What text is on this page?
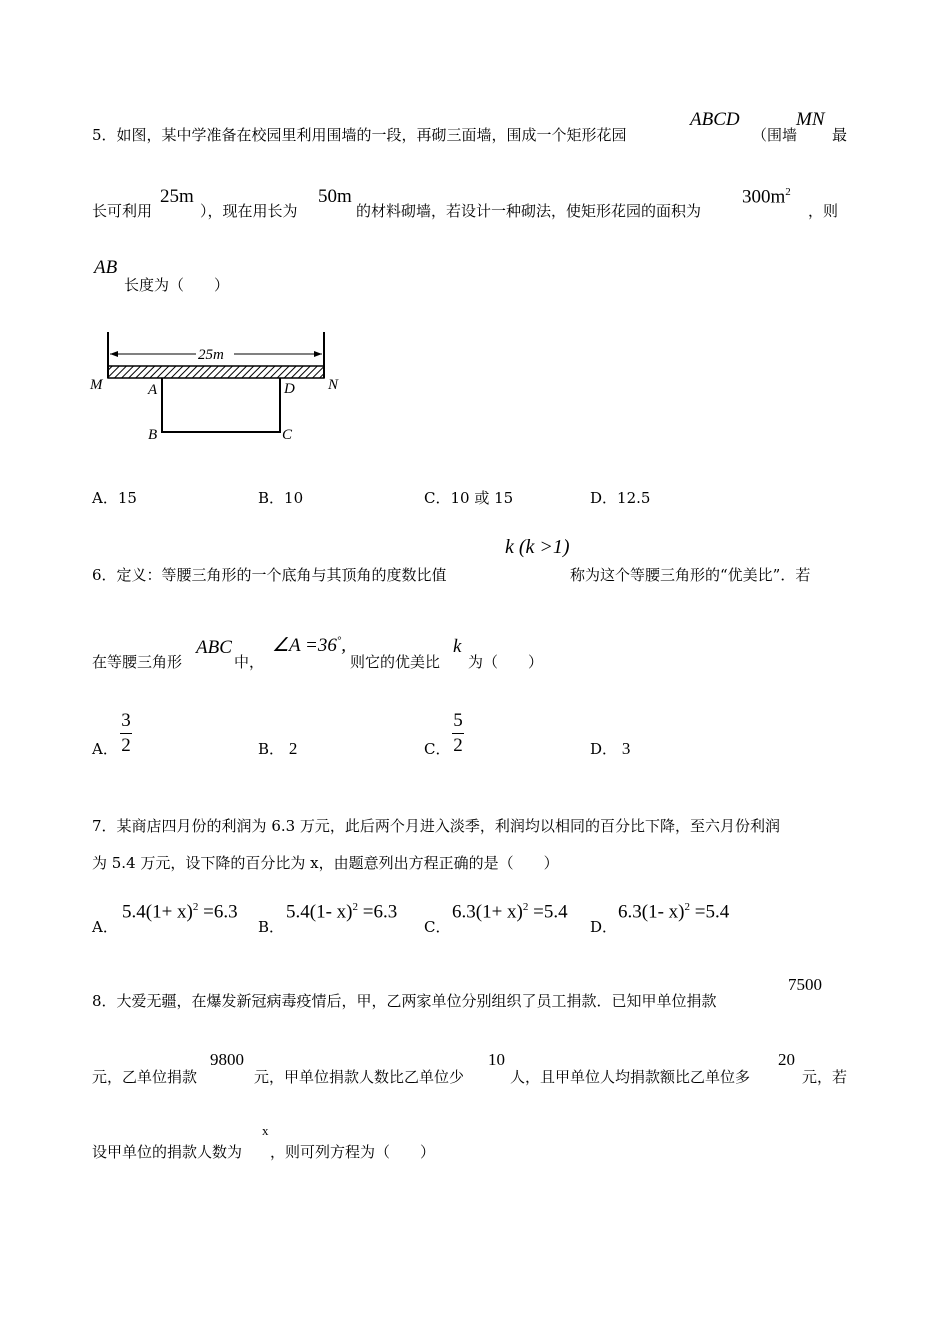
5．如图，某中学准备在校园里利用围墙的一段，再砌三面墙，围成一个矩形花园
ABCD
（围墙
MN
最
长可利用
25m
），现在用长为
50m
的材料砌墙，若设计一种砌法，使矩形花园的面积为
$300m^2$
，则
AB
长度为（　　）
25m
M	N
A	D
B	C
A．15	B．10	C．10 或 15	D．12.5
k (k >1)
6．定义：等腰三角形的一个底角与其顶角的度数比值	称为这个等腰三角形的“优美比”．若
在等腰三角形
ABC
中，
∠A =36°,
则它的优美比
k
为（　　）
A．
3
2	B． 2	C．
5
2	D． 3
7．某商店四月份的利润为 6.3 万元，此后两个月进入淡季，利润均以相同的百分比下降，至六月份利润
为 5.4 万元，设下降的百分比为 x，由题意列出方程正确的是（　　）
A．
$5.4(1+ x)^2 =6.3$
B．
5.4(1- x)$^2$ =6.3
C．
$6.3(1+ x)^2 =5.4$
D．
6.3(1- x)$^2$ =5.4
8．大爱无疆，在爆发新冠病毒疫情后，甲，乙两家单位分别组织了员工捐款．已知甲单位捐款
7500
元，乙单位捐款
9800
元，甲单位捐款人数比乙单位少
10
人，且甲单位人均捐款额比乙单位多
20
元，若
x
设甲单位的捐款人数为 ，则可列方程为（　　）
